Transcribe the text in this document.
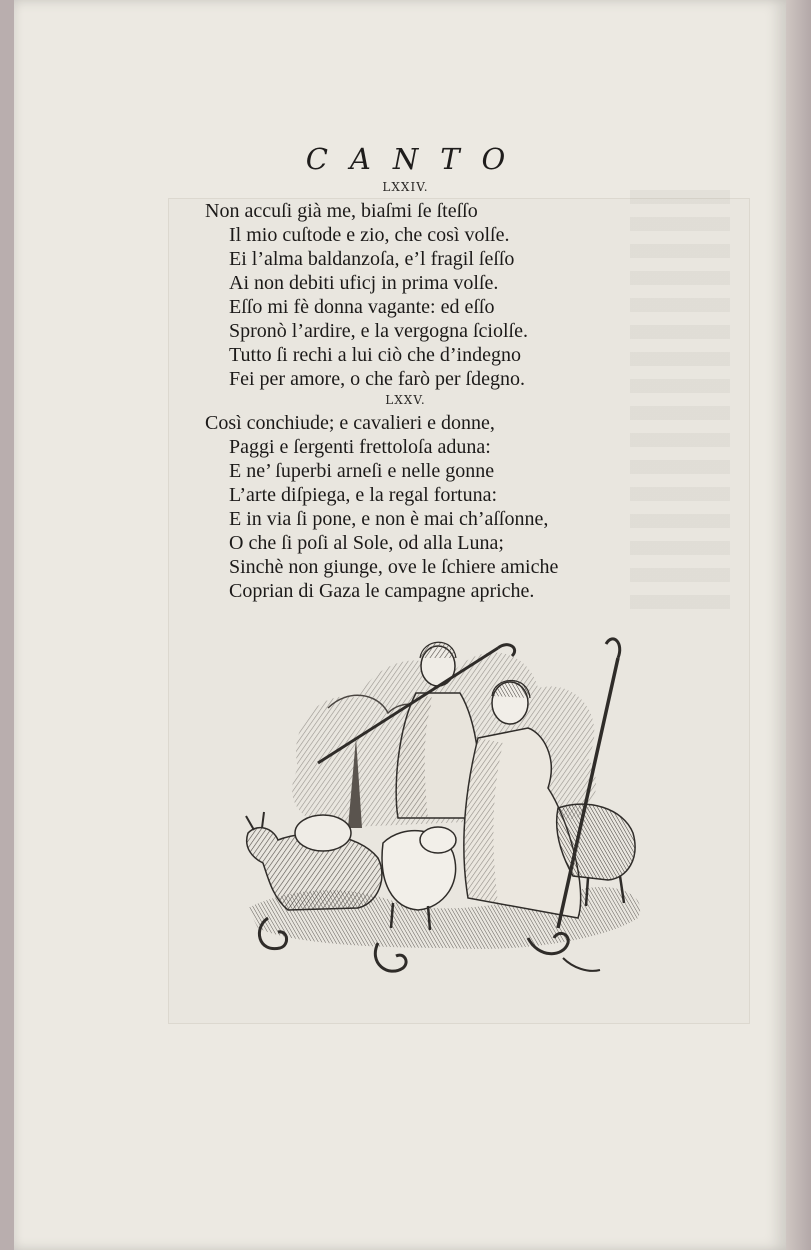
CANTO
LXXIV.
Non accuſi già me, biaſmi ſe ſteſſo
Il mio cuſtode e zio, che così volſe.
Ei l’alma baldanzoſa, e’l fragil ſeſſo
Ai non debiti uficj in prima volſe.
Eſſo mi fè donna vagante: ed eſſo
Spronò l’ardire, e la vergogna ſciolſe.
Tutto ſi rechi a lui ciò che d’indegno
Fei per amore, o che farò per ſdegno.
LXXV.
Così conchiude; e cavalieri e donne,
Paggi e ſergenti frettoloſa aduna:
E ne’ ſuperbi arneſi e nelle gonne
L’arte diſpiega, e la regal fortuna:
E in via ſi pone, e non è mai ch’aſſonne,
O che ſi poſi al Sole, od alla Luna;
Sinchè non giunge, ove le ſchiere amiche
Coprian di Gaza le campagne apriche.
